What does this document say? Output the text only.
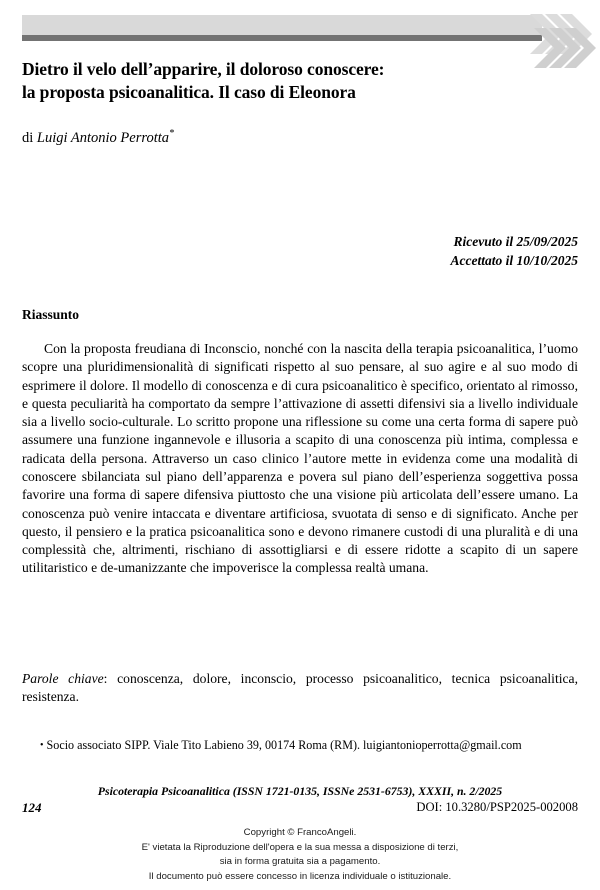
Dietro il velo dell’apparire, il doloroso conoscere:
la proposta psicoanalitica. Il caso di Eleonora
di Luigi Antonio Perrotta*
Ricevuto il 25/09/2025
Accettato il 10/10/2025
Riassunto

Con la proposta freudiana di Inconscio, nonché con la nascita della terapia psicoanalitica, l’uomo scopre una pluridimensionalità di significati rispetto al suo pensare, al suo agire e al suo modo di esprimere il dolore. Il modello di conoscenza e di cura psicoanalitico è specifico, orientato al rimosso, e questa peculiarità ha comportato da sempre l’attivazione di assetti difensivi sia a livello individuale sia a livello socio-culturale. Lo scritto propone una riflessione su come una certa forma di sapere può assumere una funzione ingannevole e illusoria a scapito di una conoscenza più intima, complessa e radicata della persona. Attraverso un caso clinico l’autore mette in evidenza come una modalità di conoscere sbilanciata sul piano dell’apparenza e povera sul piano dell’esperienza soggettiva possa favorire una forma di sapere difensiva piuttosto che una visione più articolata dell’essere umano. La conoscenza può venire intaccata e diventare artificiosa, svuotata di senso e di significato. Anche per questo, il pensiero e la pratica psicoanalitica sono e devono rimanere custodi di una pluralità e di una complessità che, altrimenti, rischiano di assottigliarsi e di essere ridotte a scapito di un sapere utilitaristico e de-umanizzante che impoverisce la complessa realtà umana.

Parole chiave: conoscenza, dolore, inconscio, processo psicoanalitico, tecnica psicoanalitica, resistenza.

• Socio associato SIPP. Viale Tito Labieno 39, 00174 Roma (RM). luigiantonioperrotta@gmail.com

Psicoterapia Psicoanalitica (ISSN 1721-0135, ISSNe 2531-6753), XXXII, n. 2/2025
124	DOI: 10.3280/PSP2025-002008
Copyright © FrancoAngeli.
E' vietata la Riproduzione dell'opera e la sua messa a disposizione di terzi,
sia in forma gratuita sia a pagamento.
Il documento può essere concesso in licenza individuale o istituzionale.
